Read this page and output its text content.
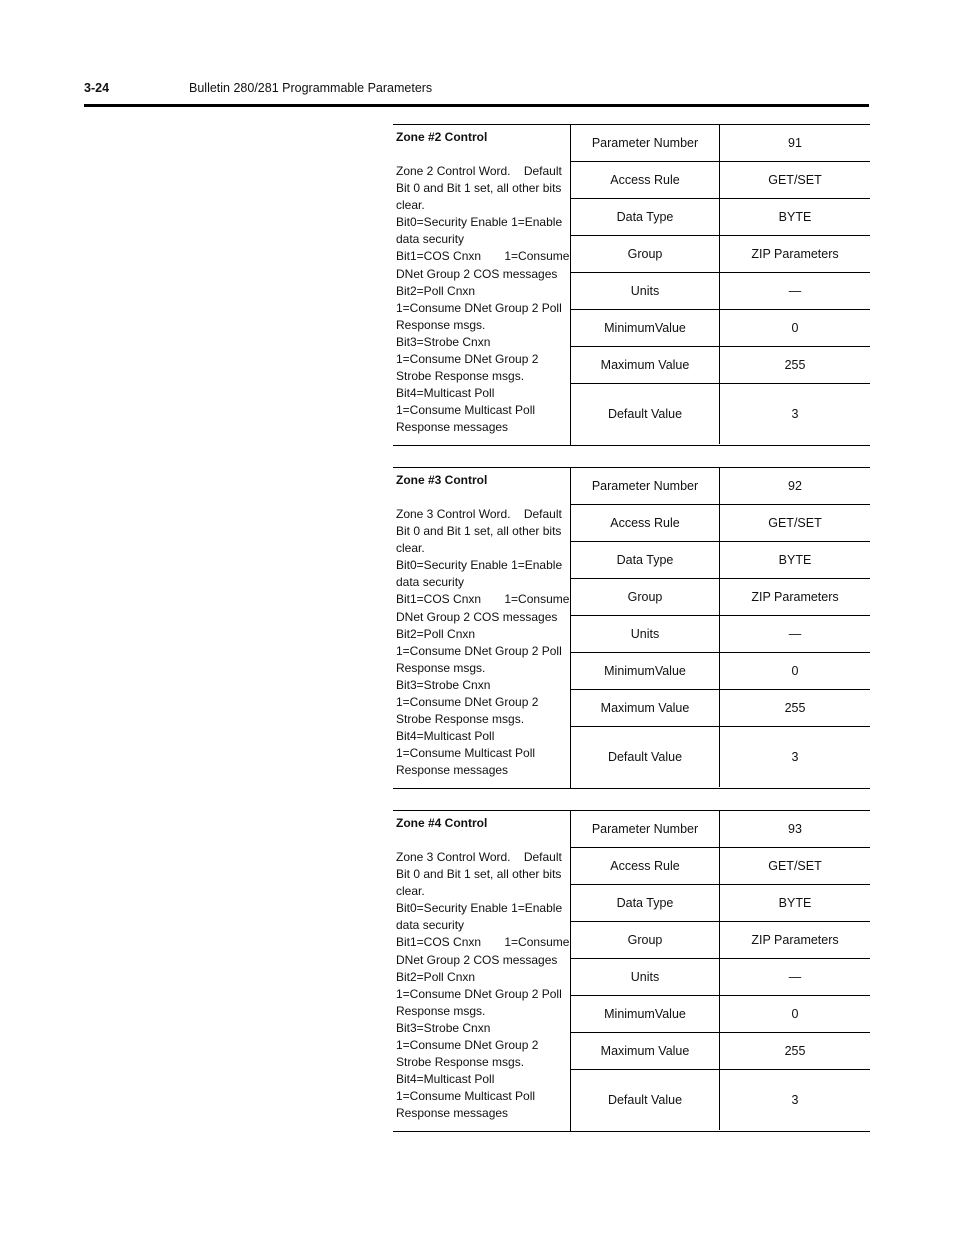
3-24	Bulletin 280/281 Programmable Parameters
Zone #2 Control
Zone 2 Control Word.    Default
Bit 0 and Bit 1 set, all other bits
clear.
Bit0=Security Enable 1=Enable
data security
Bit1=COS Cnxn       1=Consume
DNet Group 2 COS messages
Bit2=Poll Cnxn
1=Consume DNet Group 2 Poll
Response msgs.
Bit3=Strobe Cnxn
1=Consume DNet Group 2
Strobe Response msgs.
Bit4=Multicast Poll
1=Consume Multicast Poll
Response messages
Parameter Number	91
Access Rule	GET/SET
Data Type	BYTE
Group	ZIP Parameters
Units	—
MinimumValue	0
Maximum Value	255
Default Value	3
Zone #3 Control
Zone 3 Control Word.    Default
Bit 0 and Bit 1 set, all other bits
clear.
Bit0=Security Enable 1=Enable
data security
Bit1=COS Cnxn       1=Consume
DNet Group 2 COS messages
Bit2=Poll Cnxn
1=Consume DNet Group 2 Poll
Response msgs.
Bit3=Strobe Cnxn
1=Consume DNet Group 2
Strobe Response msgs.
Bit4=Multicast Poll
1=Consume Multicast Poll
Response messages
Parameter Number	92
Access Rule	GET/SET
Data Type	BYTE
Group	ZIP Parameters
Units	—
MinimumValue	0
Maximum Value	255
Default Value	3
Zone #4 Control
Zone 3 Control Word.    Default
Bit 0 and Bit 1 set, all other bits
clear.
Bit0=Security Enable 1=Enable
data security
Bit1=COS Cnxn       1=Consume
DNet Group 2 COS messages
Bit2=Poll Cnxn
1=Consume DNet Group 2 Poll
Response msgs.
Bit3=Strobe Cnxn
1=Consume DNet Group 2
Strobe Response msgs.
Bit4=Multicast Poll
1=Consume Multicast Poll
Response messages
Parameter Number	93
Access Rule	GET/SET
Data Type	BYTE
Group	ZIP Parameters
Units	—
MinimumValue	0
Maximum Value	255
Default Value	3
